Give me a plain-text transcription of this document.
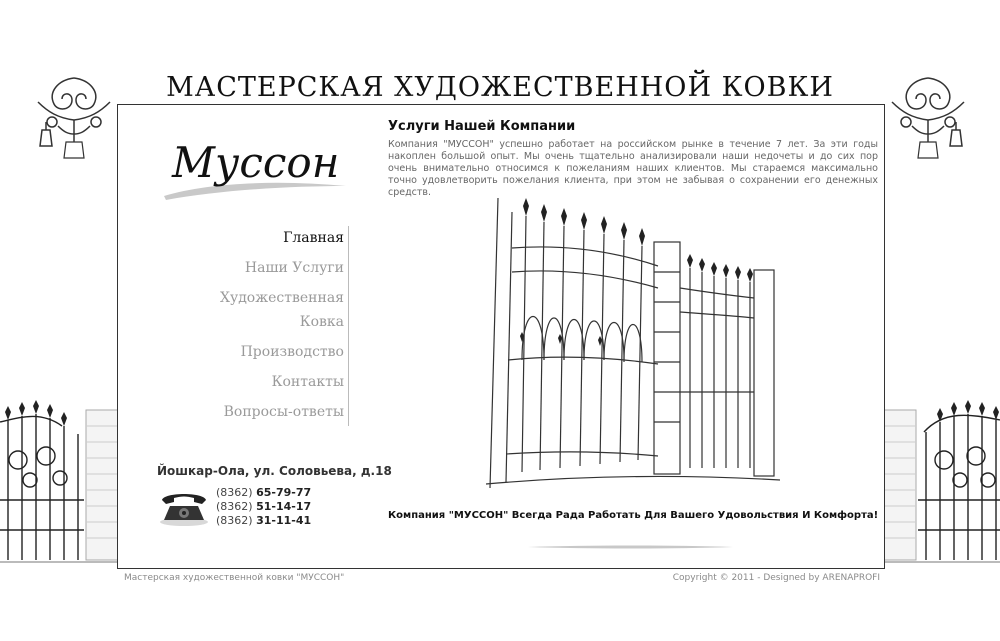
МАСТЕРСКАЯ ХУДОЖЕСТВЕННОЙ КОВКИ
Муссон
Главная
Наши Услуги
Художественная
Ковка
Производство
Контакты
Вопросы-ответы
Йошкар-Ола, ул. Соловьева, д.18
(8362) 65-79-77
(8362) 51-14-17
(8362) 31-11-41
Услуги Нашей Компании
Компания "МУССОН" успешно работает на российском рынке в течение 7 лет. За эти годы накоплен большой опыт. Мы очень тщательно анализировали наши недочеты и до сих пор очень внимательно относимся к пожеланиям наших клиентов. Мы стараемся максимально точно удовлетворить пожелания клиента, при этом не забывая о сохранении его денежных средств.
Компания "МУССОН" Всегда Рада Работать Для Вашего Удовольствия И Комфорта!
Мастерская художественной ковки "МУССОН"	Copyright © 2011 - Designed by ARENAPROFI
